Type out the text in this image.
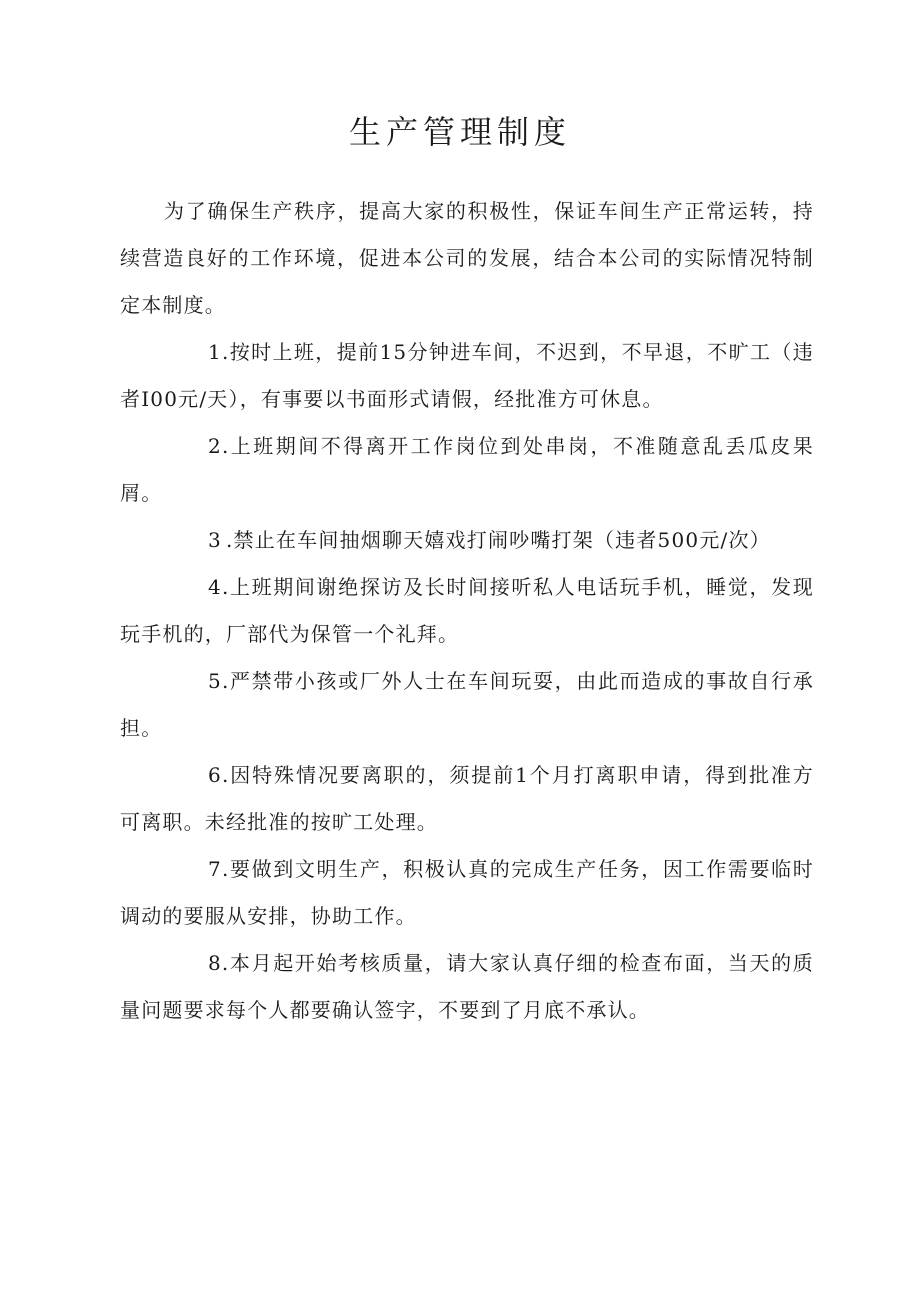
生产管理制度

为了确保生产秩序，提高大家的积极性，保证车间生产正常运转，持续营造良好的工作环境，促进本公司的发展，结合本公司的实际情况特制定本制度。

1.按时上班，提前15分钟进车间，不迟到，不早退，不旷工（违者I00元/天），有事要以书面形式请假，经批准方可休息。

2.上班期间不得离开工作岗位到处串岗，不准随意乱丢瓜皮果屑。

3 .禁止在车间抽烟聊天嬉戏打闹吵嘴打架（违者500元/次）

4.上班期间谢绝探访及长时间接听私人电话玩手机，睡觉，发现玩手机的，厂部代为保管一个礼拜。

5.严禁带小孩或厂外人士在车间玩耍，由此而造成的事故自行承担。

6.因特殊情况要离职的，须提前1个月打离职申请，得到批准方可离职。未经批准的按旷工处理。

7.要做到文明生产，积极认真的完成生产任务，因工作需要临时调动的要服从安排，协助工作。

8.本月起开始考核质量，请大家认真仔细的检查布面，当天的质量问题要求每个人都要确认签字，不要到了月底不承认。
